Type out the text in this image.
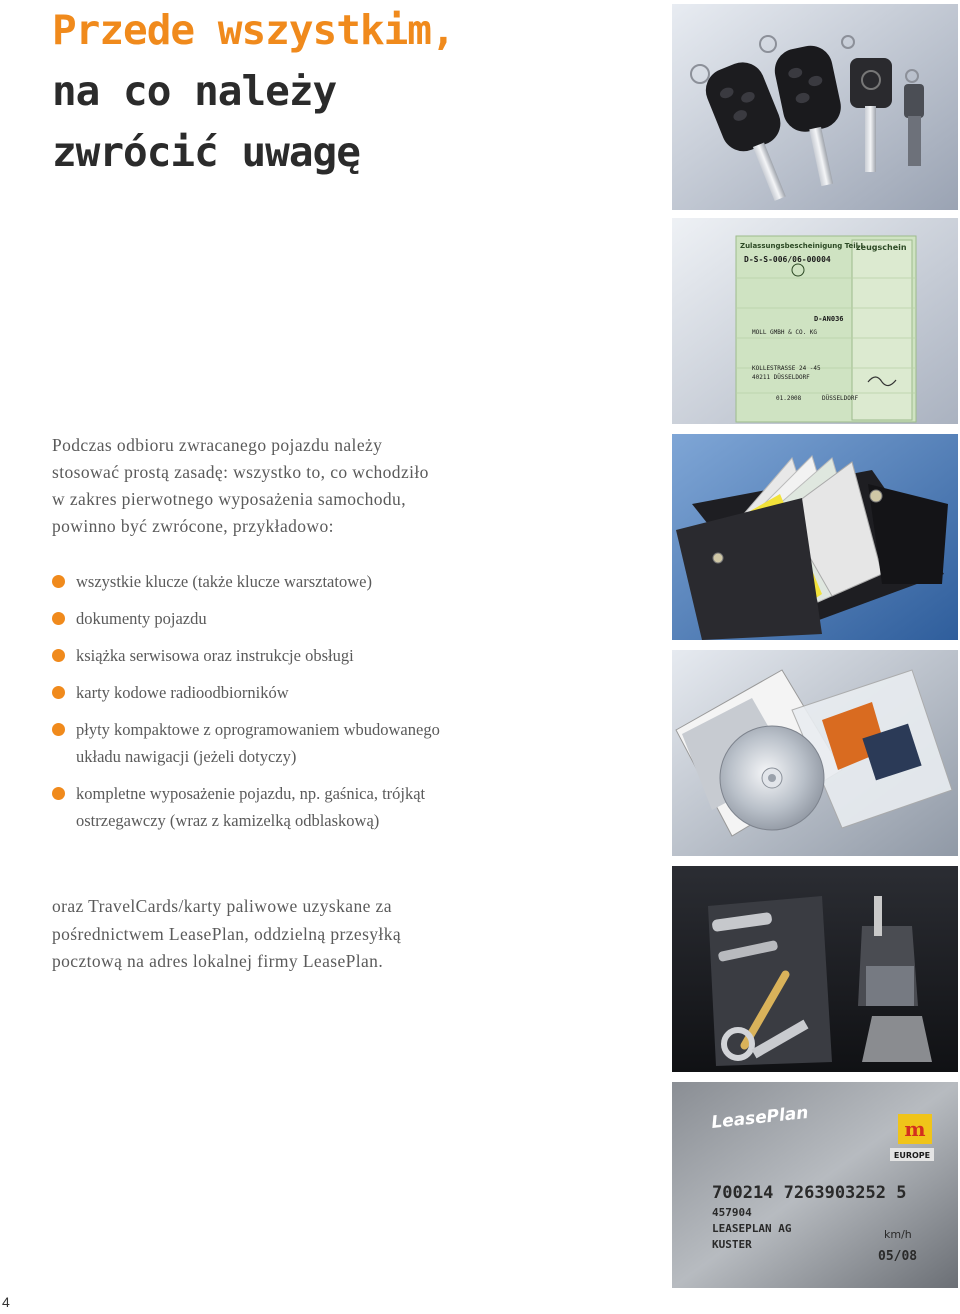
Przede wszystkim,
na co należy
zwrócić uwagę

Podczas odbioru zwracanego pojazdu należy stosować prostą zasadę: wszystko to, co wchodziło w zakres pierwotnego wyposażenia samochodu, powinno być zwrócone, przykładowo:

wszystkie klucze (także klucze warsztatowe)
dokumenty pojazdu
książka serwisowa oraz instrukcje obsługi
karty kodowe radioodbiorników
płyty kompaktowe z oprogramowaniem wbudowanego układu nawigacji (jeżeli dotyczy)
kompletne wyposażenie pojazdu, np. gaśnica, trójkąt ostrzegawczy (wraz z kamizelką odblaskową)

oraz TravelCards/karty paliwowe uzyskane za pośrednictwem LeasePlan, oddzielną przesyłką pocztową na adres lokalnej firmy LeasePlan.

4
Zulassungsbescheinigung Teil I
zeugschein
D-S-S-006/06-00004
D-AN036
MOLL GMBH & CO. KG
KOLLESTRASSE 24 -45
40211 DÜSSELDORF
01.2008	DÜSSELDORF
LeasePlan	m
EUROPE
700214 7263903252 5
457904
LEASEPLAN AG
KUSTER
05/08
km/h
